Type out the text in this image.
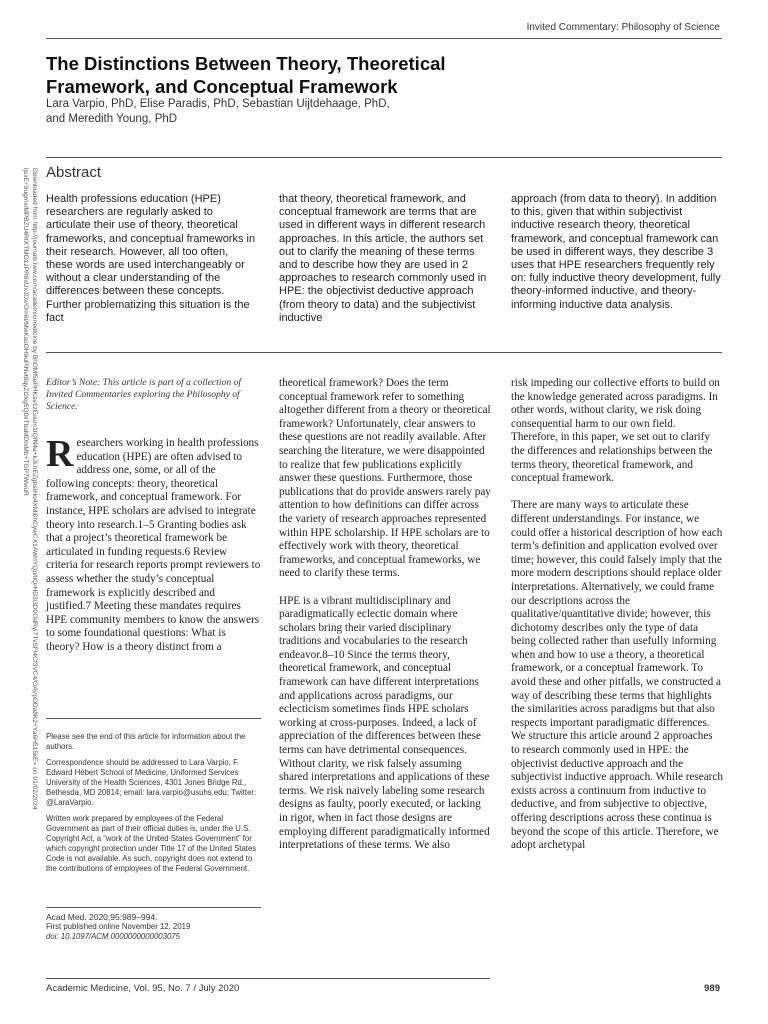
Invited Commentary: Philosophy of Science
The Distinctions Between Theory, Theoretical
Framework, and Conceptual Framework
Lara Varpio, PhD, Elise Paradis, PhD, Sebastian Uijtdehaage, PhD,
and Meredith Young, PhD
Downloaded from http://journals.lww.com/academicmedicine by BhDMf5ePHKav1zEoum1tQfN4a+kJLhEZgbsIHo4XMi0hCywCX1AWnYQp/IlQrHD3i3D0OdRyi7TvSFl4Cf3VC4/OAVpDDa8K2+Ya6H515kE= on 01/02/2024
ljsxE+9ugmx/MPBZU4RtXTMO1zPR8xUxJDx/Om6t/MwKsoOH9uPiNvt6qyZt2kg5Q0kTbaMDIxMb+TGP7WwuR Abstract
Health professions education (HPE) researchers are regularly asked to articulate their use of theory, theoretical frameworks, and conceptual frameworks in their research. However, all too often, these words are used interchangeably or without a clear understanding of the differences between these concepts. Further problematizing this situation is the fact
that theory, theoretical framework, and conceptual framework are terms that are used in different ways in different research approaches. In this article, the authors set out to clarify the meaning of these terms and to describe how they are used in 2 approaches to research commonly used in HPE: the objectivist deductive approach (from theory to data) and the subjectivist inductive
approach (from data to theory). In addition to this, given that within subjectivist inductive research theory, theoretical framework, and conceptual framework can be used in different ways, they describe 3 uses that HPE researchers frequently rely on: fully inductive theory development, fully theory-informed inductive, and theory-informing inductive data analysis.
Editor’s Note: This article is part of a collection of Invited Commentaries exploring the Philosophy of Science.

Researchers working in health professions education (HPE) are often advised to address one, some, or all of the following concepts: theory, theoretical framework, and conceptual framework. For instance, HPE scholars are advised to integrate theory into research.1–5 Granting bodies ask that a project’s theoretical framework be articulated in funding requests.6 Review criteria for research reports prompt reviewers to assess whether the study’s conceptual framework is explicitly described and justified.7 Meeting these mandates requires HPE community members to know the answers to some foundational questions: What is theory? How is a theory distinct from a

Please see the end of this article for information about the authors.

Correspondence should be addressed to Lara Varpio, F. Edward Hébert School of Medicine, Uniformed Services University of the Health Sciences, 4301 Jones Bridge Rd., Bethesda, MD 20814; email: lara.varpio@usuhs.edu; Twitter: @LaraVarpio.

Written work prepared by employees of the Federal Government as part of their official duties is, under the U.S. Copyright Act, a “work of the United States Government” for which copyright protection under Title 17 of the United States Code is not available. As such, copyright does not extend to the contributions of employees of the Federal Government.

Acad Med. 2020;95:989–994.
First published online November 12, 2019
doi: 10.1097/ACM.0000000000003075

theoretical framework? Does the term conceptual framework refer to something altogether different from a theory or theoretical framework? Unfortunately, clear answers to these questions are not readily available. After searching the literature, we were disappointed to realize that few publications explicitly answer these questions. Furthermore, those publications that do provide answers rarely pay attention to how definitions can differ across the variety of research approaches represented within HPE scholarship. If HPE scholars are to effectively work with theory, theoretical frameworks, and conceptual frameworks, we need to clarify these terms.

HPE is a vibrant multidisciplinary and paradigmatically eclectic domain where scholars bring their varied disciplinary traditions and vocabularies to the research endeavor.8–10 Since the terms theory, theoretical framework, and conceptual framework can have different interpretations and applications across paradigms, our eclecticism sometimes finds HPE scholars working at cross-purposes. Indeed, a lack of appreciation of the differences between these terms can have detrimental consequences. Without clarity, we risk falsely assuming shared interpretations and applications of these terms. We risk naively labeling some research designs as faulty, poorly executed, or lacking in rigor, when in fact those designs are employing different paradigmatically informed interpretations of these terms. We also

risk impeding our collective efforts to build on the knowledge generated across paradigms. In other words, without clarity, we risk doing consequential harm to our own field. Therefore, in this paper, we set out to clarify the differences and relationships between the terms theory, theoretical framework, and conceptual framework.

There are many ways to articulate these different understandings. For instance, we could offer a historical description of how each term’s definition and application evolved over time; however, this could falsely imply that the more modern descriptions should replace older interpretations. Alternatively, we could frame our descriptions across the qualitative/quantitative divide; however, this dichotomy describes only the type of data being collected rather than usefully informing when and how to use a theory, a theoretical framework, or a conceptual framework. To avoid these and other pitfalls, we constructed a way of describing these terms that highlights the similarities across paradigms but that also respects important paradigmatic differences. We structure this article around 2 approaches to research commonly used in HPE: the objectivist deductive approach and the subjectivist inductive approach. While research exists across a continuum from inductive to deductive, and from subjective to objective, offering descriptions across these continua is beyond the scope of this article. Therefore, we adopt archetypal

Academic Medicine, Vol. 95, No. 7 / July 2020	989
